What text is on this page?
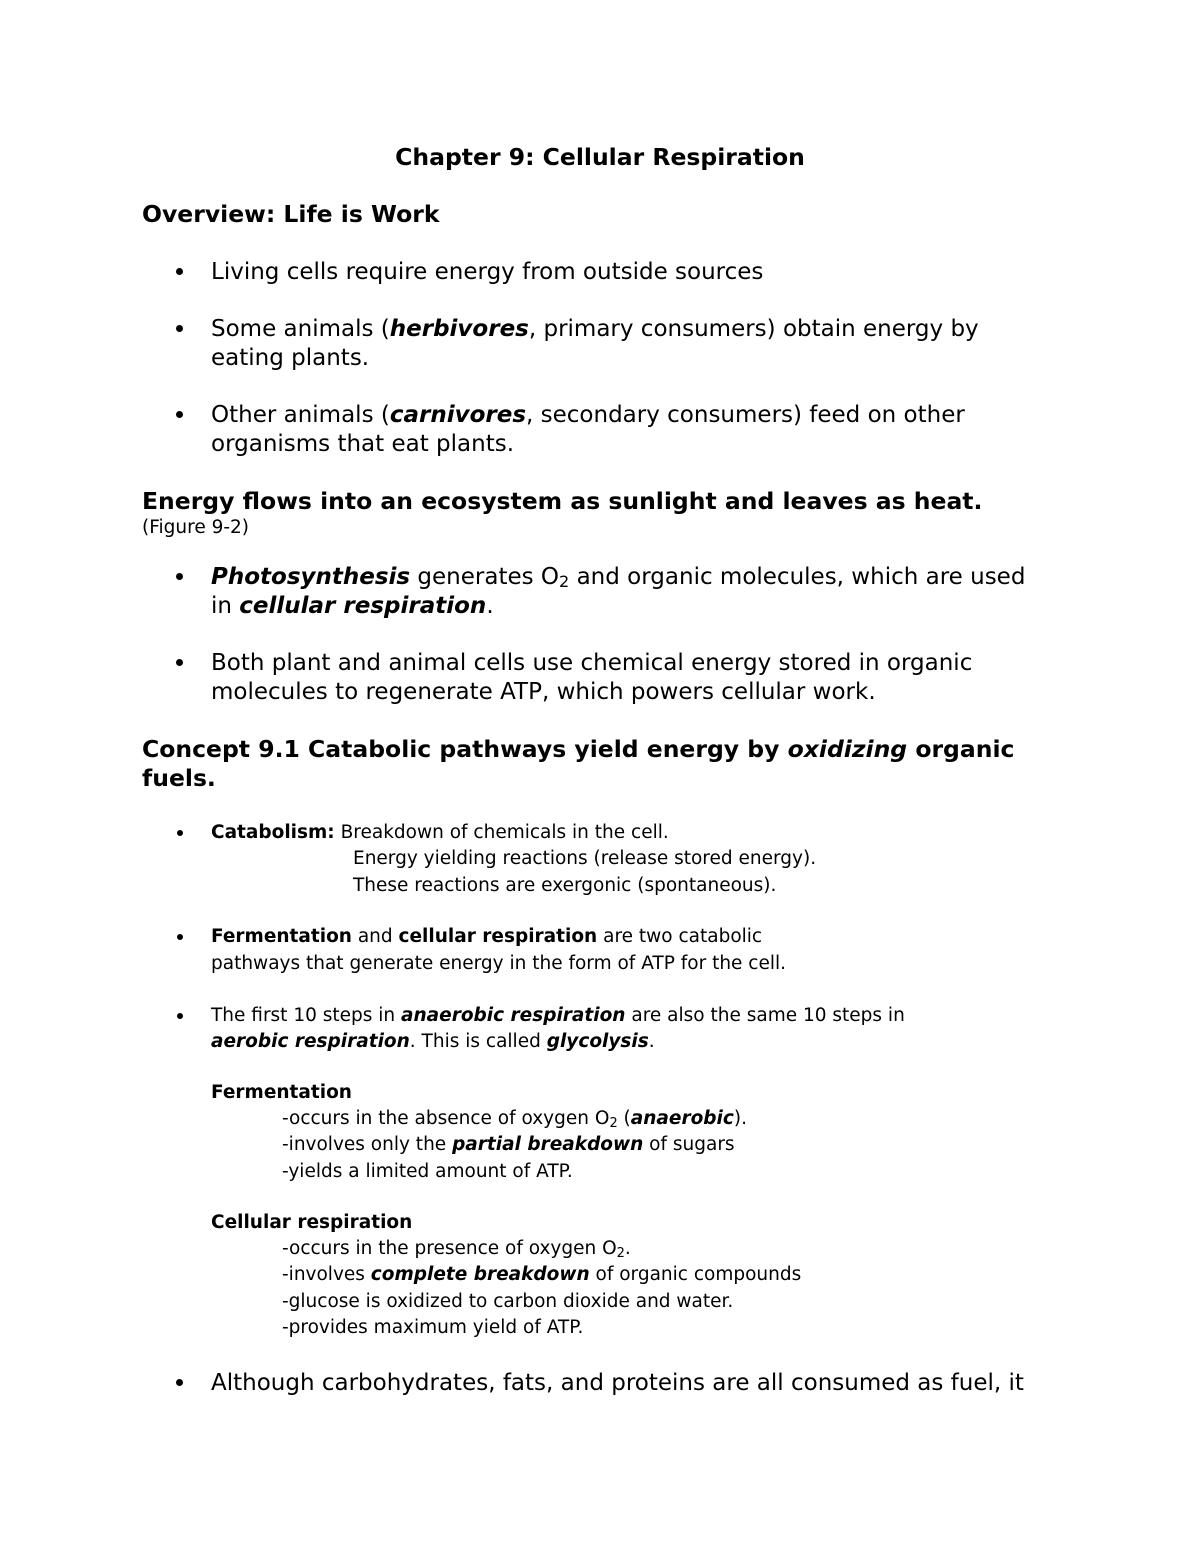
Chapter 9: Cellular Respiration
Overview: Life is Work
Living cells require energy from outside sources
Some animals (herbivores, primary consumers) obtain energy by
eating plants.
Other animals (carnivores, secondary consumers) feed on other
organisms that eat plants.
Energy flows into an ecosystem as sunlight and leaves as heat.
(Figure 9-2)
Photosynthesis generates $O_2$ and organic molecules, which are used
in cellular respiration.
Both plant and animal cells use chemical energy stored in organic
molecules to regenerate ATP, which powers cellular work.
Concept 9.1 Catabolic pathways yield energy by oxidizing organic
fuels.
Catabolism: Breakdown of chemicals in the cell.
Energy yielding reactions (release stored energy).
These reactions are exergonic (spontaneous).
Fermentation and cellular respiration are two catabolic
pathways that generate energy in the form of ATP for the cell.
The first 10 steps in anaerobic respiration are also the same 10 steps in
aerobic respiration. This is called glycolysis.
Fermentation
-occurs in the absence of oxygen $O_2$ (anaerobic).
-involves only the partial breakdown of sugars
-yields a limited amount of ATP.
Cellular respiration
-occurs in the presence of oxygen $O_2$.
-involves complete breakdown of organic compounds
-glucose is oxidized to carbon dioxide and water.
-provides maximum yield of ATP.
Although carbohydrates, fats, and proteins are all consumed as fuel, it
